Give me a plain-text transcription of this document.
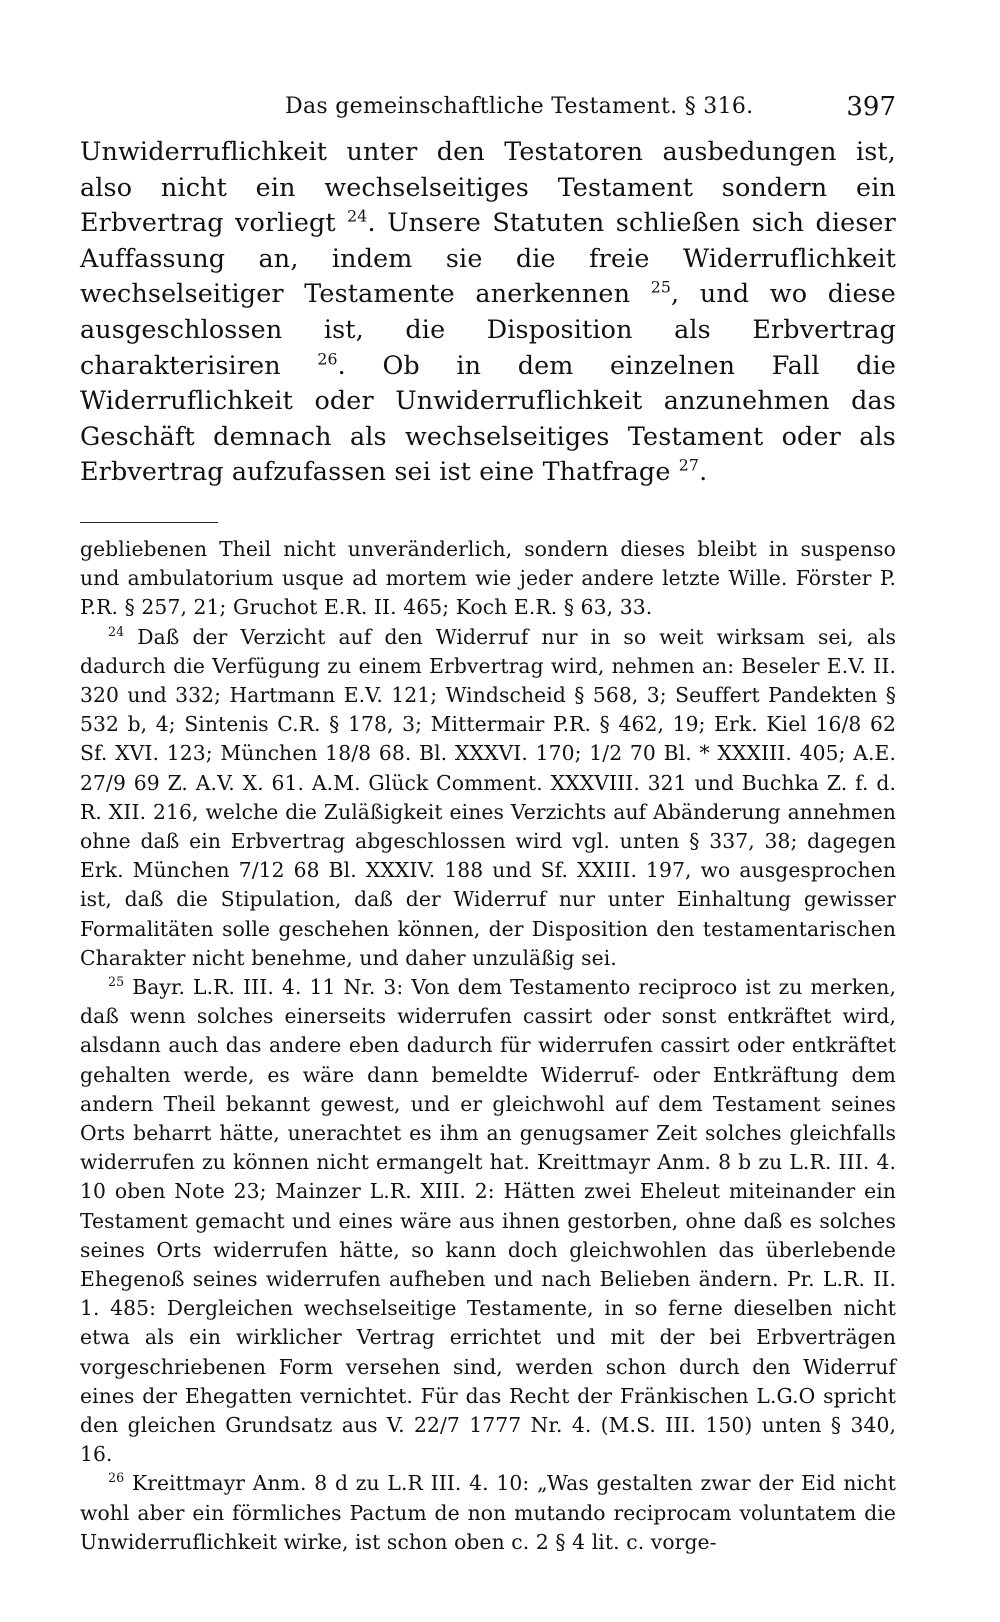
Das gemeinschaftliche Testament. § 316.	397

Unwiderruflichkeit unter den Testatoren ausbedungen ist, also nicht ein wechselseitiges Testament sondern ein Erbvertrag vorliegt $^{24}$. Unsere Statuten schließen sich dieser Auffassung an, indem sie die freie Widerruflichkeit wechselseitiger Testamente anerkennen $^{25}$, und wo diese ausgeschlossen ist, die Disposition als Erbvertrag charakterisiren $^{26}$. Ob in dem einzelnen Fall die Widerruflichkeit oder Unwiderruflichkeit anzunehmen das Geschäft demnach als wechselseitiges Testament oder als Erbvertrag aufzufassen sei ist eine Thatfrage $^{27}$.

gebliebenen Theil nicht unveränderlich, sondern dieses bleibt in suspenso und ambulatorium usque ad mortem wie jeder andere letzte Wille. Förster P. P.R. § 257, 21; Gruchot E.R. II. 465; Koch E.R. § 63, 33.

$^{24}$ Daß der Verzicht auf den Widerruf nur in so weit wirksam sei, als dadurch die Verfügung zu einem Erbvertrag wird, nehmen an: Beseler E.V. II. 320 und 332; Hartmann E.V. 121; Windscheid § 568, 3; Seuffert Pandekten § 532 b, 4; Sintenis C.R. § 178, 3; Mittermair P.R. § 462, 19; Erk. Kiel 16/8 62 Sf. XVI. 123; München 18/8 68. Bl. XXXVI. 170; 1/2 70 Bl. * XXXIII. 405; A.E. 27/9 69 Z. A.V. X. 61. A.M. Glück Comment. XXXVIII. 321 und Buchka Z. f. d. R. XII. 216, welche die Zuläßigkeit eines Verzichts auf Abänderung annehmen ohne daß ein Erbvertrag abgeschlossen wird vgl. unten § 337, 38; dagegen Erk. München 7/12 68 Bl. XXXIV. 188 und Sf. XXIII. 197, wo ausgesprochen ist, daß die Stipulation, daß der Widerruf nur unter Einhaltung gewisser Formalitäten solle geschehen können, der Disposition den testamentarischen Charakter nicht benehme, und daher unzuläßig sei.

$^{25}$ Bayr. L.R. III. 4. 11 Nr. 3: Von dem Testamento reciproco ist zu merken, daß wenn solches einerseits widerrufen cassirt oder sonst entkräftet wird, alsdann auch das andere eben dadurch für widerrufen cassirt oder entkräftet gehalten werde, es wäre dann bemeldte Widerruf- oder Entkräftung dem andern Theil bekannt gewest, und er gleichwohl auf dem Testament seines Orts beharrt hätte, unerachtet es ihm an genugsamer Zeit solches gleichfalls widerrufen zu können nicht ermangelt hat. Kreittmayr Anm. 8 b zu L.R. III. 4. 10 oben Note 23; Mainzer L.R. XIII. 2: Hätten zwei Eheleut miteinander ein Testament gemacht und eines wäre aus ihnen gestorben, ohne daß es solches seines Orts widerrufen hätte, so kann doch gleichwohlen das überlebende Ehegenoß seines widerrufen aufheben und nach Belieben ändern. Pr. L.R. II. 1. 485: Dergleichen wechselseitige Testamente, in so ferne dieselben nicht etwa als ein wirklicher Vertrag errichtet und mit der bei Erbverträgen vorgeschriebenen Form versehen sind, werden schon durch den Widerruf eines der Ehegatten vernichtet. Für das Recht der Fränkischen L.G.O spricht den gleichen Grundsatz aus V. 22/7 1777 Nr. 4. (M.S. III. 150) unten § 340, 16.

$^{26}$ Kreittmayr Anm. 8 d zu L.R III. 4. 10: „Was gestalten zwar der Eid nicht wohl aber ein förmliches Pactum de non mutando reciprocam voluntatem die Unwiderruflichkeit wirke, ist schon oben c. 2 § 4 lit. c. vorge-
